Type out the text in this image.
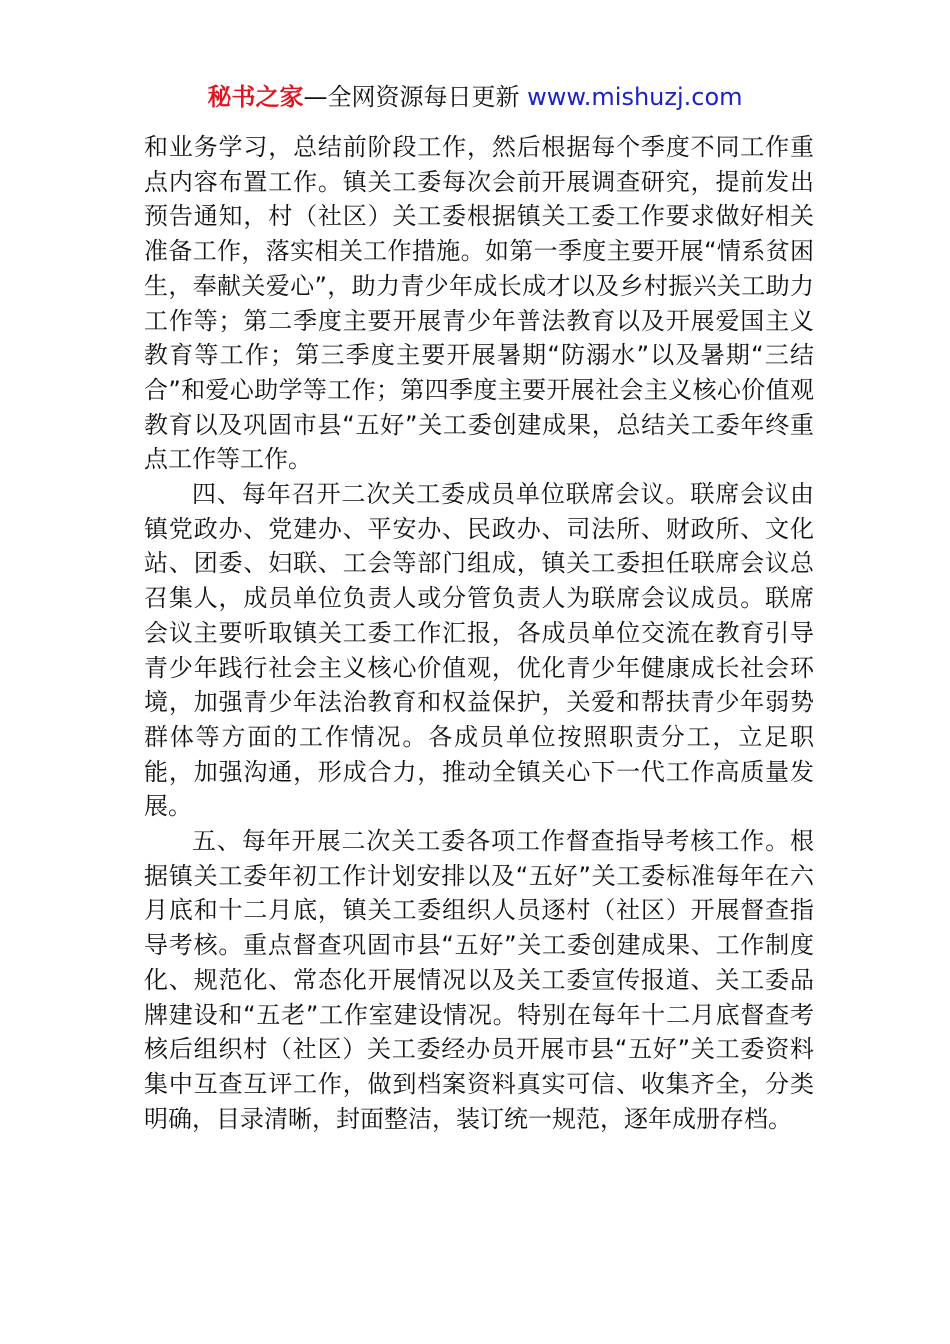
秘书之家—全网资源每日更新 www.mishuzj.com

和业务学习，总结前阶段工作，然后根据每个季度不同工作重点内容布置工作。镇关工委每次会前开展调查研究，提前发出预告通知，村（社区）关工委根据镇关工委工作要求做好相关准备工作，落实相关工作措施。如第一季度主要开展“情系贫困生，奉献关爱心”，助力青少年成长成才以及乡村振兴关工助力工作等；第二季度主要开展青少年普法教育以及开展爱国主义教育等工作；第三季度主要开展暑期“防溺水”以及暑期“三结合”和爱心助学等工作；第四季度主要开展社会主义核心价值观教育以及巩固市县“五好”关工委创建成果，总结关工委年终重点工作等工作。

四、每年召开二次关工委成员单位联席会议。联席会议由镇党政办、党建办、平安办、民政办、司法所、财政所、文化站、团委、妇联、工会等部门组成，镇关工委担任联席会议总召集人，成员单位负责人或分管负责人为联席会议成员。联席会议主要听取镇关工委工作汇报，各成员单位交流在教育引导青少年践行社会主义核心价值观，优化青少年健康成长社会环境，加强青少年法治教育和权益保护，关爱和帮扶青少年弱势群体等方面的工作情况。各成员单位按照职责分工，立足职能，加强沟通，形成合力，推动全镇关心下一代工作高质量发展。

五、每年开展二次关工委各项工作督查指导考核工作。根据镇关工委年初工作计划安排以及“五好”关工委标准每年在六月底和十二月底，镇关工委组织人员逐村（社区）开展督查指导考核。重点督查巩固市县“五好”关工委创建成果、工作制度化、规范化、常态化开展情况以及关工委宣传报道、关工委品牌建设和“五老”工作室建设情况。特别在每年十二月底督查考核后组织村（社区）关工委经办员开展市县“五好”关工委资料集中互查互评工作，做到档案资料真实可信、收集齐全，分类明确，目录清晰，封面整洁，装订统一规范，逐年成册存档。
